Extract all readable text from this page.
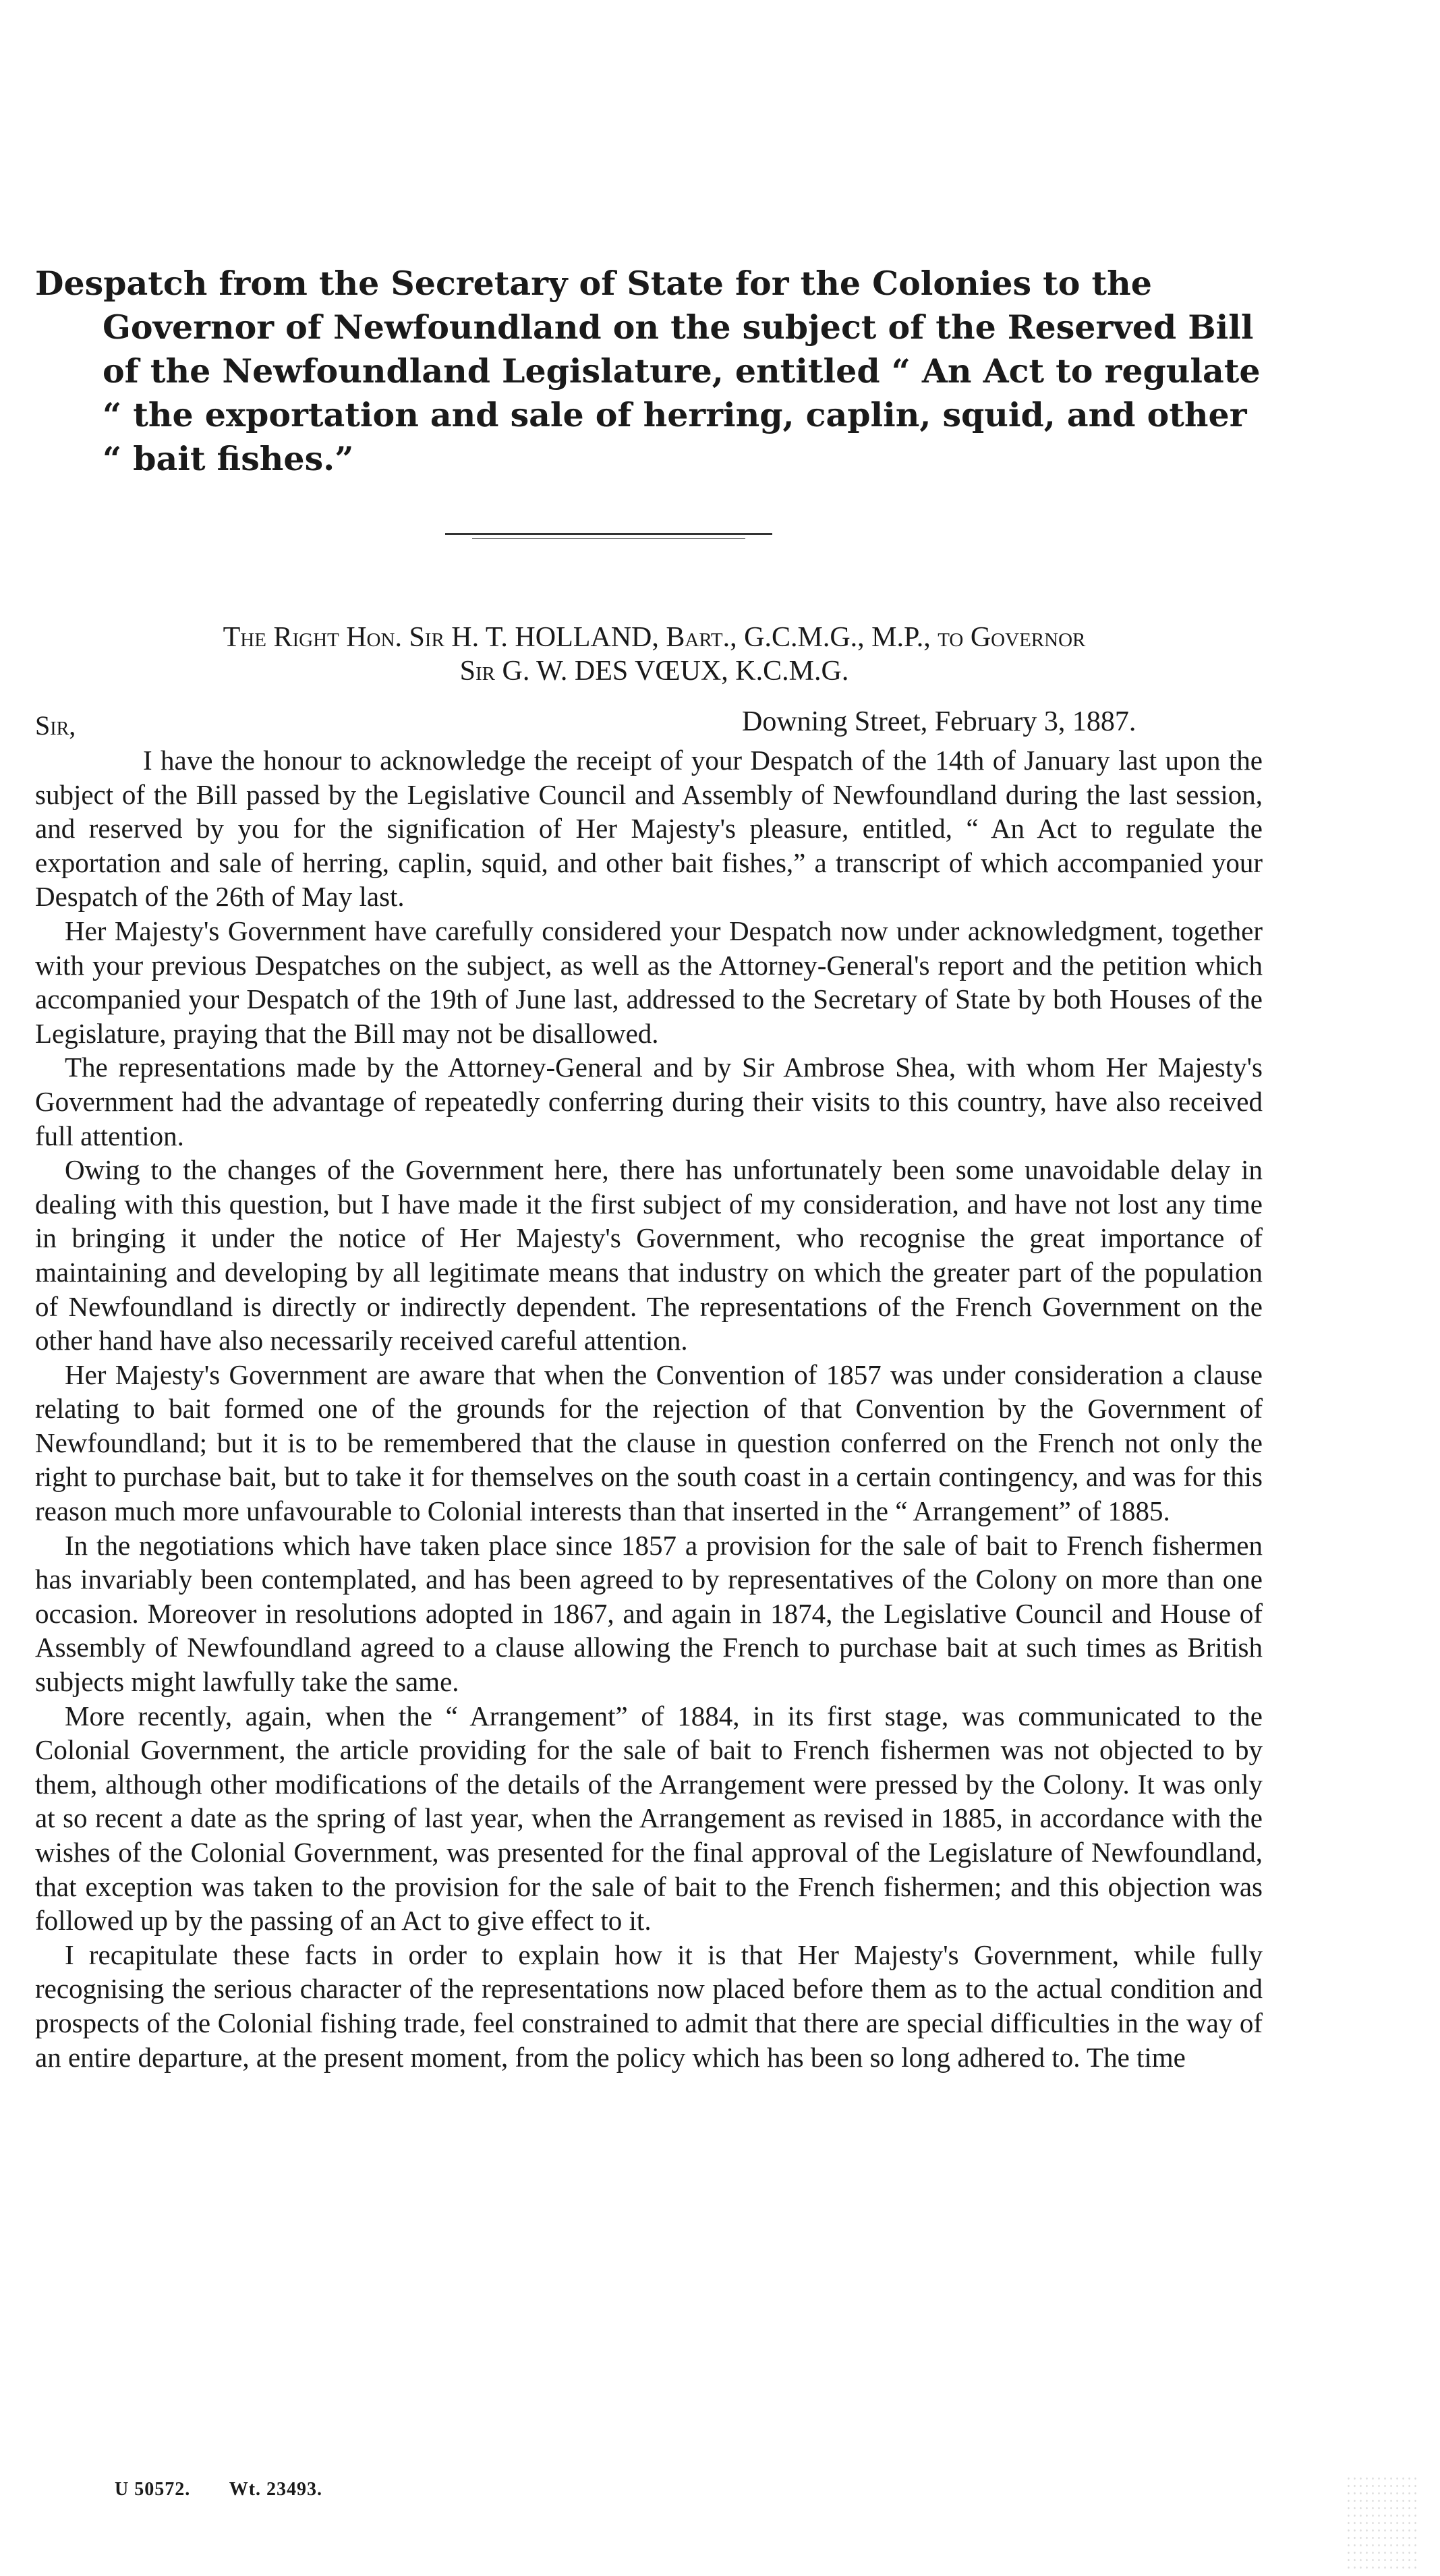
Despatch from the Secretary of State for the Colonies to the
Governor of Newfoundland on the subject of the Reserved Bill
of the Newfoundland Legislature, entitled “ An Act to regulate
“ the exportation and sale of herring, caplin, squid, and other
“ bait fishes.”
The Right Hon. Sir H. T. HOLLAND, Bart., G.C.M.G., M.P., to Governor
Sir G. W. DES VŒUX, K.C.M.G.
Sir,	Downing Street, February 3, 1887.

I have the honour to acknowledge the receipt of your Despatch of the 14th of January last upon the subject of the Bill passed by the Legislative Council and Assembly of Newfoundland during the last session, and reserved by you for the signification of Her Majesty's pleasure, entitled, “ An Act to regulate the exportation and sale of herring, caplin, squid, and other bait fishes,” a transcript of which accompanied your Despatch of the 26th of May last.

Her Majesty's Government have carefully considered your Despatch now under acknowledgment, together with your previous Despatches on the subject, as well as the Attorney-General's report and the petition which accompanied your Despatch of the 19th of June last, addressed to the Secretary of State by both Houses of the Legislature, praying that the Bill may not be disallowed.

The representations made by the Attorney-General and by Sir Ambrose Shea, with whom Her Majesty's Government had the advantage of repeatedly conferring during their visits to this country, have also received full attention.

Owing to the changes of the Government here, there has unfortunately been some unavoidable delay in dealing with this question, but I have made it the first subject of my consideration, and have not lost any time in bringing it under the notice of Her Majesty's Government, who recognise the great importance of maintaining and developing by all legitimate means that industry on which the greater part of the population of Newfoundland is directly or indirectly dependent. The representations of the French Government on the other hand have also necessarily received careful attention.

Her Majesty's Government are aware that when the Convention of 1857 was under consideration a clause relating to bait formed one of the grounds for the rejection of that Convention by the Government of Newfoundland; but it is to be remembered that the clause in question conferred on the French not only the right to purchase bait, but to take it for themselves on the south coast in a certain contingency, and was for this reason much more unfavourable to Colonial interests than that inserted in the “ Arrangement” of 1885.

In the negotiations which have taken place since 1857 a provision for the sale of bait to French fishermen has invariably been contemplated, and has been agreed to by representatives of the Colony on more than one occasion. Moreover in resolutions adopted in 1867, and again in 1874, the Legislative Council and House of Assembly of Newfoundland agreed to a clause allowing the French to purchase bait at such times as British subjects might lawfully take the same.

More recently, again, when the “ Arrangement” of 1884, in its first stage, was communicated to the Colonial Government, the article providing for the sale of bait to French fishermen was not objected to by them, although other modifications of the details of the Arrangement were pressed by the Colony. It was only at so recent a date as the spring of last year, when the Arrangement as revised in 1885, in accordance with the wishes of the Colonial Government, was presented for the final approval of the Legislature of Newfoundland, that exception was taken to the provision for the sale of bait to the French fishermen; and this objection was followed up by the passing of an Act to give effect to it.

I recapitulate these facts in order to explain how it is that Her Majesty's Government, while fully recognising the serious character of the representations now placed before them as to the actual condition and prospects of the Colonial fishing trade, feel constrained to admit that there are special difficulties in the way of an entire departure, at the present moment, from the policy which has been so long adhered to. The time

U 50572. Wt. 23493.
